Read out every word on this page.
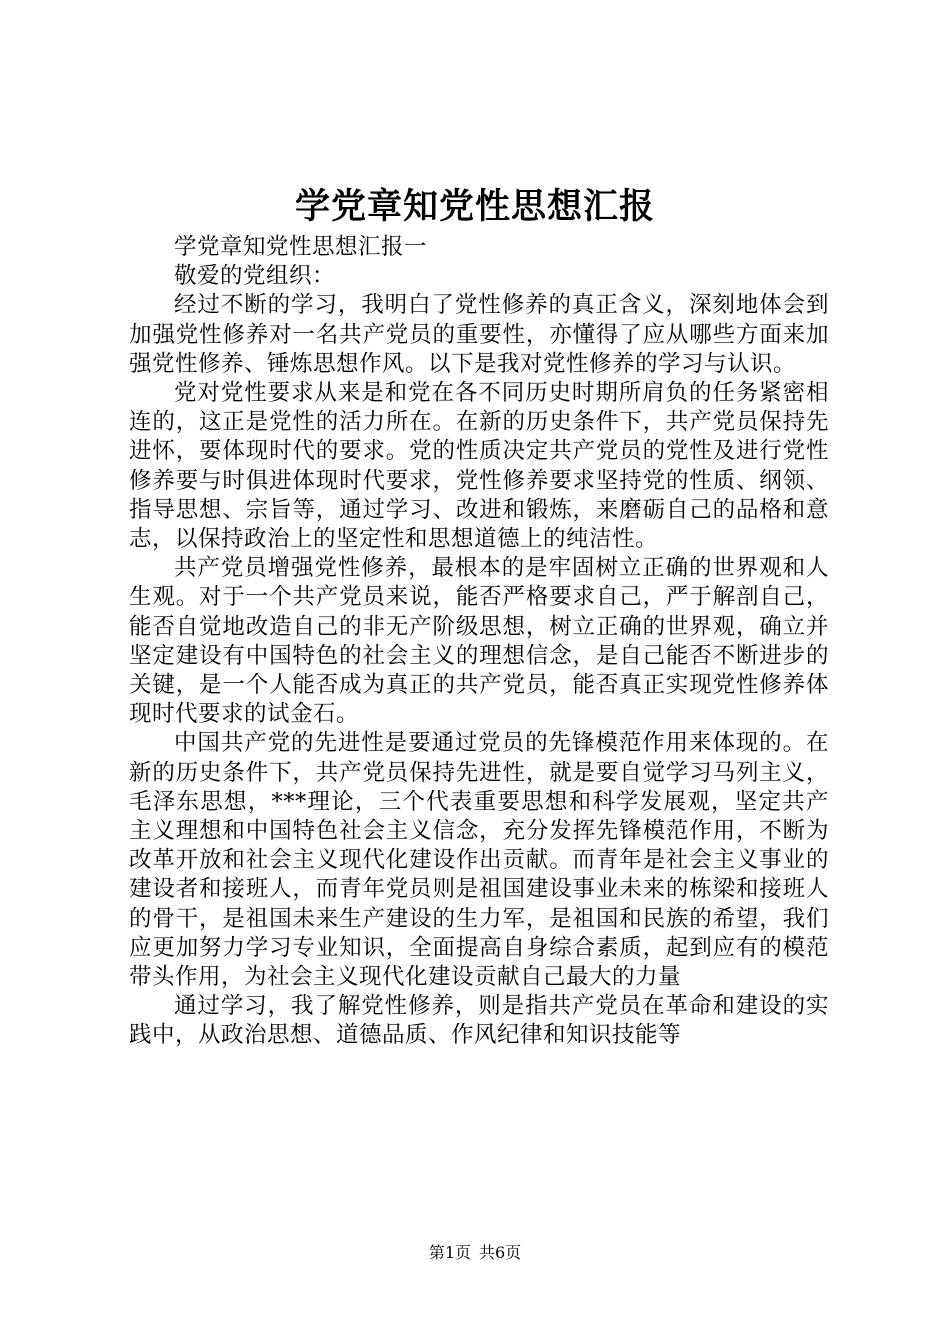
学党章知党性思想汇报

学党章知党性思想汇报一

敬爱的党组织：

经过不断的学习，我明白了党性修养的真正含义，深刻地体会到加强党性修养对一名共产党员的重要性，亦懂得了应从哪些方面来加强党性修养、锤炼思想作风。以下是我对党性修养的学习与认识。

党对党性要求从来是和党在各不同历史时期所肩负的任务紧密相连的，这正是党性的活力所在。在新的历史条件下，共产党员保持先进怀，要体现时代的要求。党的性质决定共产党员的党性及进行党性修养要与时俱进体现时代要求，党性修养要求坚持党的性质、纲领、指导思想、宗旨等，通过学习、改进和锻炼，来磨砺自己的品格和意志，以保持政治上的坚定性和思想道德上的纯洁性。

共产党员增强党性修养，最根本的是牢固树立正确的世界观和人生观。对于一个共产党员来说，能否严格要求自己，严于解剖自己，能否自觉地改造自己的非无产阶级思想，树立正确的世界观，确立并坚定建设有中国特色的社会主义的理想信念，是自己能否不断进步的关键，是一个人能否成为真正的共产党员，能否真正实现党性修养体现时代要求的试金石。

中国共产党的先进性是要通过党员的先锋模范作用来体现的。在新的历史条件下，共产党员保持先进性，就是要自觉学习马列主义，毛泽东思想，***理论，三个代表重要思想和科学发展观，坚定共产主义理想和中国特色社会主义信念，充分发挥先锋模范作用，不断为改革开放和社会主义现代化建设作出贡献。而青年是社会主义事业的建设者和接班人，而青年党员则是祖国建设事业未来的栋梁和接班人的骨干，是祖国未来生产建设的生力军，是祖国和民族的希望，我们应更加努力学习专业知识，全面提高自身综合素质，起到应有的模范带头作用，为社会主义现代化建设贡献自己最大的力量

通过学习，我了解党性修养，则是指共产党员在革命和建设的实践中，从政治思想、道德品质、作风纪律和知识技能等

第1页 共6页
